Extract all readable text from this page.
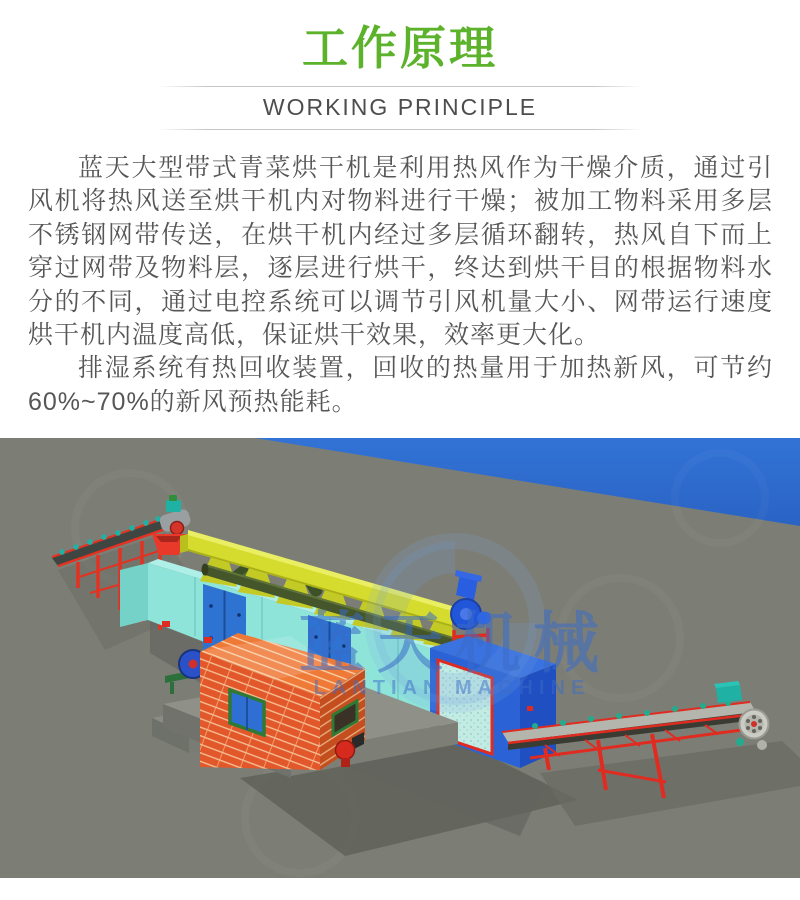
工作原理
WORKING PRINCIPLE

蓝天大型带式青菜烘干机是利用热风作为干燥介质，通过引风机将热风送至烘干机内对物料进行干燥；被加工物料采用多层不锈钢网带传送，在烘干机内经过多层循环翻转，热风自下而上穿过网带及物料层，逐层进行烘干，终达到烘干目的根据物料水分的不同，通过电控系统可以调节引风机量大小、网带运行速度烘干机内温度高低，保证烘干效果，效率更大化。

排湿系统有热回收装置，回收的热量用于加热新风，可节约60%~70%的新风预热能耗。

蓝天机械
LANTIAN MACHINE
